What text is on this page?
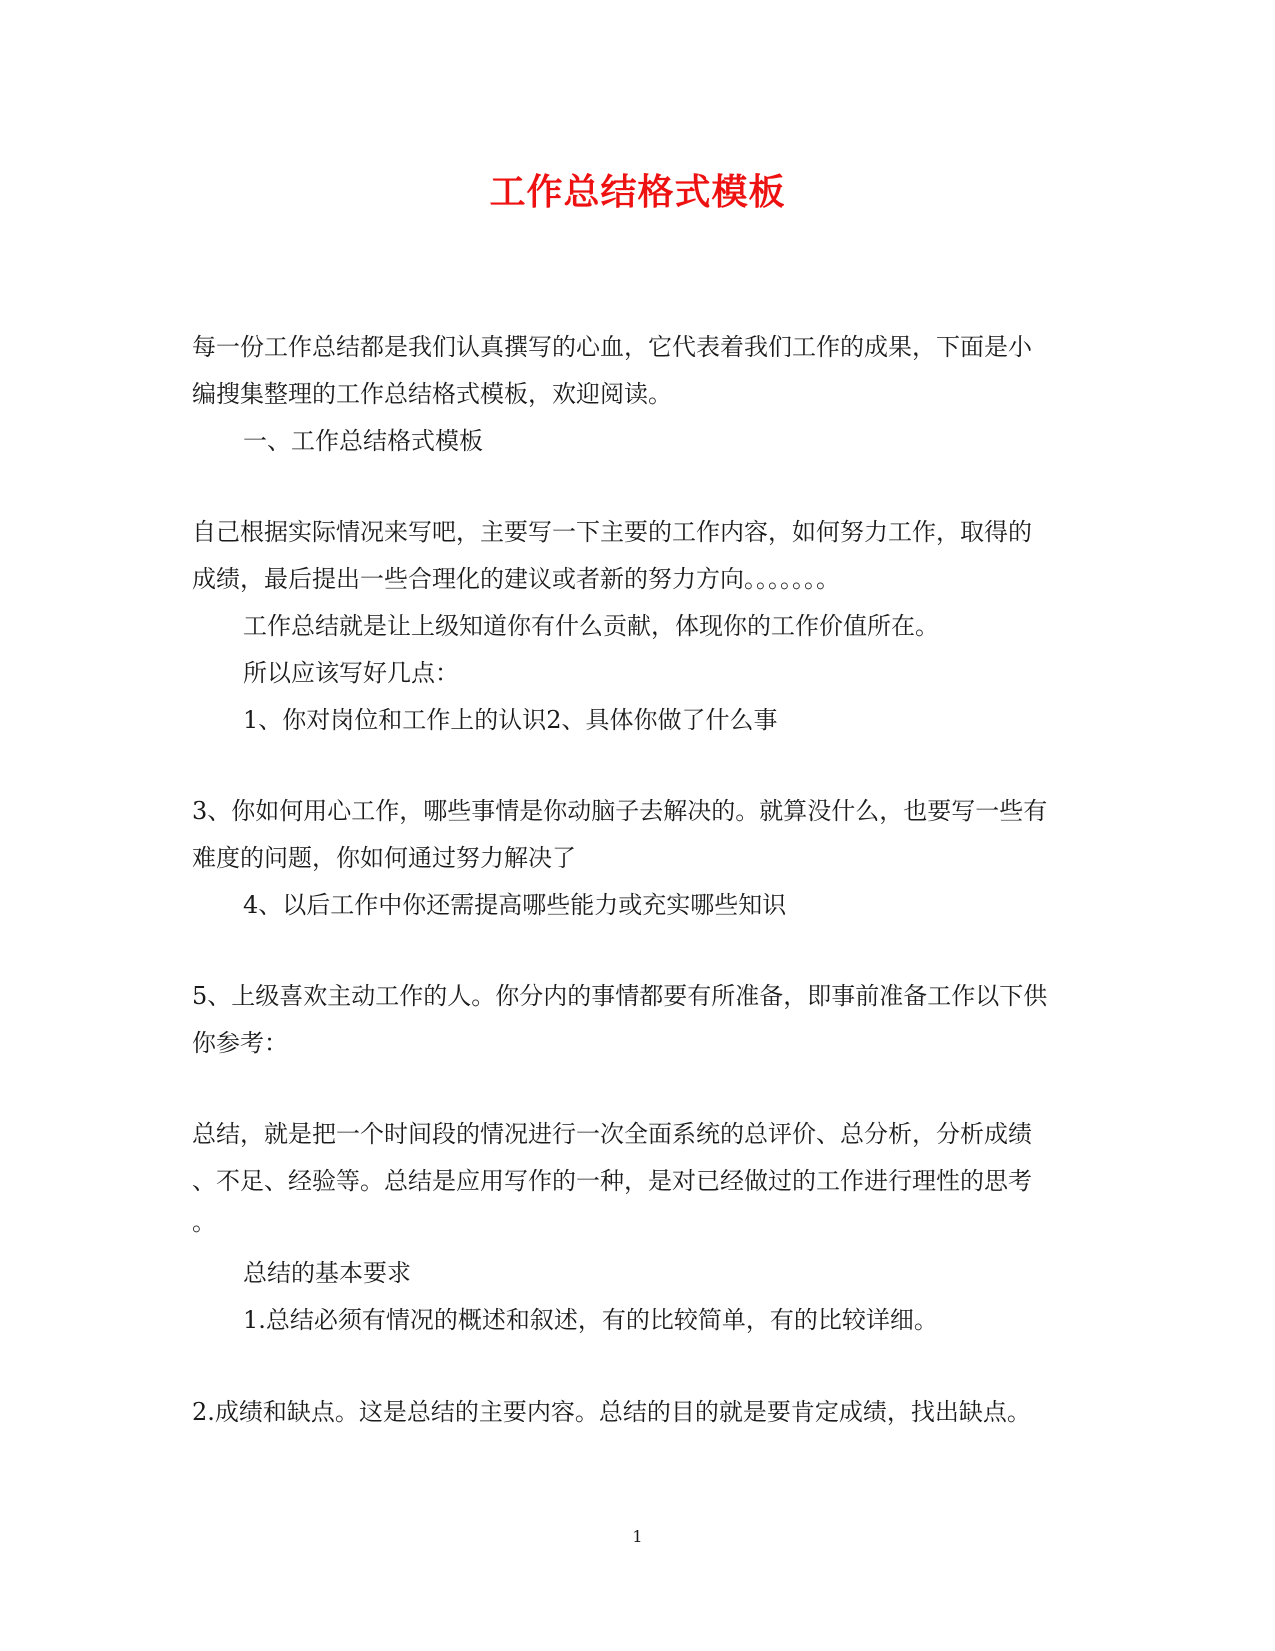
工作总结格式模板
每一份工作总结都是我们认真撰写的心血，它代表着我们工作的成果，下面是小
编搜集整理的工作总结格式模板，欢迎阅读。
一、工作总结格式模板
自己根据实际情况来写吧，主要写一下主要的工作内容，如何努力工作，取得的
成绩，最后提出一些合理化的建议或者新的努力方向。。。。。。。
工作总结就是让上级知道你有什么贡献，体现你的工作价值所在。
所以应该写好几点：
1、你对岗位和工作上的认识2、具体你做了什么事
3、你如何用心工作，哪些事情是你动脑子去解决的。就算没什么，也要写一些有
难度的问题，你如何通过努力解决了
4、以后工作中你还需提高哪些能力或充实哪些知识
5、上级喜欢主动工作的人。你分内的事情都要有所准备，即事前准备工作以下供
你参考：
总结，就是把一个时间段的情况进行一次全面系统的总评价、总分析，分析成绩
、不足、经验等。总结是应用写作的一种，是对已经做过的工作进行理性的思考
。
总结的基本要求
1.总结必须有情况的概述和叙述，有的比较简单，有的比较详细。
2.成绩和缺点。这是总结的主要内容。总结的目的就是要肯定成绩，找出缺点。
1
